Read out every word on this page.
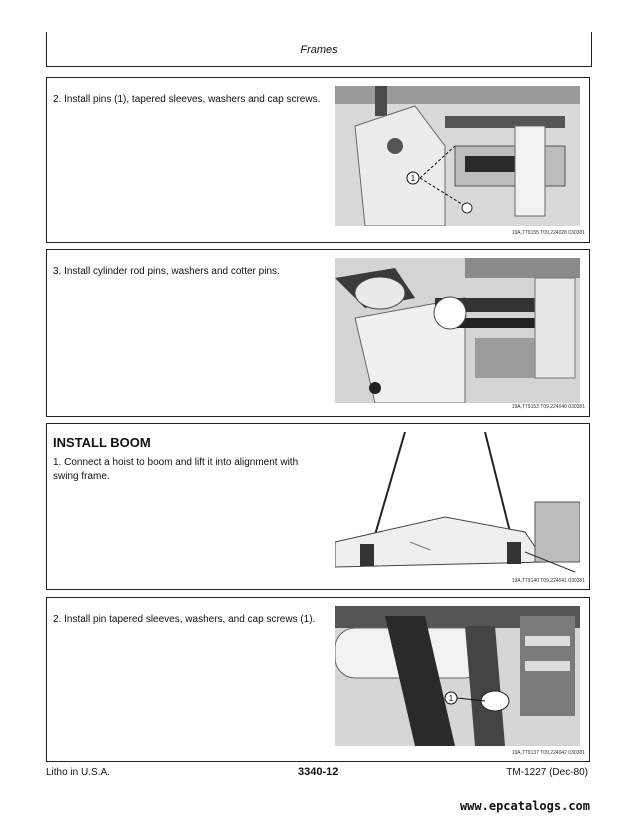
Frames
2. Install pins (1), tapered sleeves, washers and cap screws.
1
19A,T79155 T09,224028 030381
3. Install cylinder rod pins, washers and cotter pins.
19A,T79153 T09,224040 030381
INSTALL BOOM
1. Connect a hoist to boom and lift it into alignment with swing frame.
19A,T79140 T09,224041 030381
2. Install pin tapered sleeves, washers, and cap screws (1).
1
19A,T79137 T09,224042 030381
Litho in U.S.A.	3340-12	TM-1227 (Dec-80)
www.epcatalogs.com
